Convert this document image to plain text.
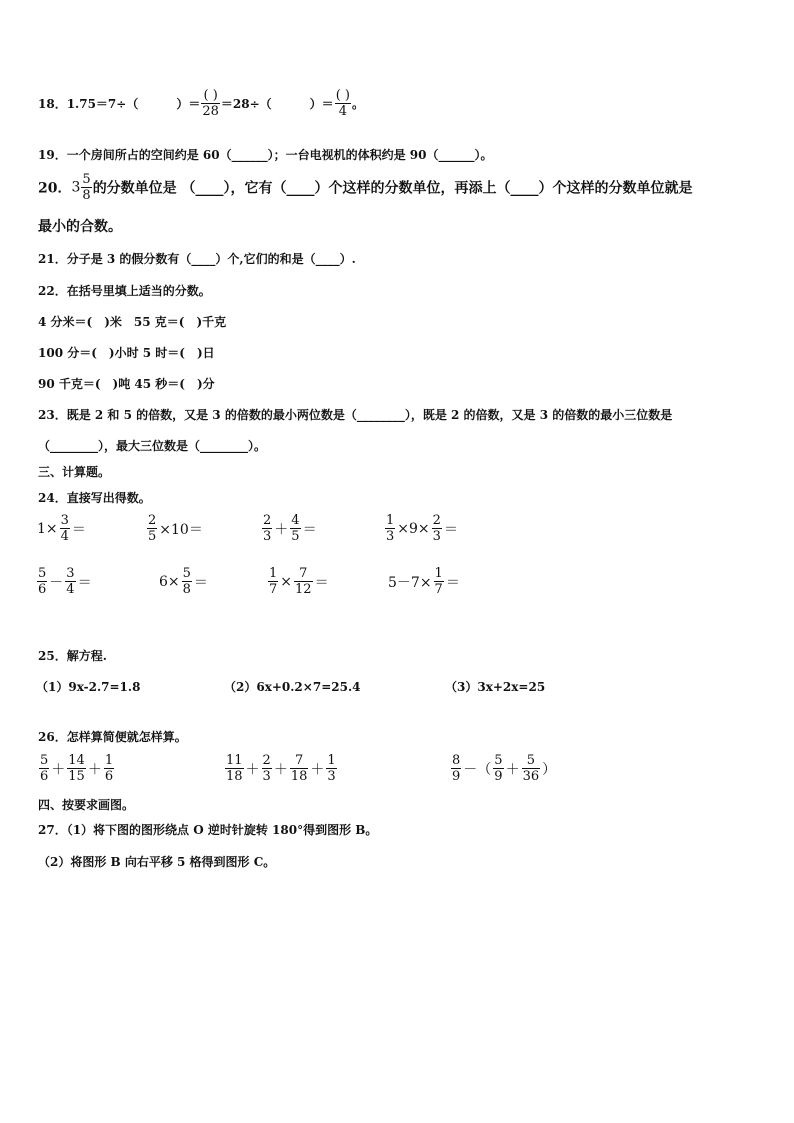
18．1.75＝7÷（	）＝ $\frac{( )}{28} =28\div$（	）＝ $\frac{( )}{4}$ 。
19．一个房间所占的空间约是 60（______）；一台电视机的体积约是 90（______）。
20．$3 \frac{5}{8}$ 的分数单位是 （____），它有（____）个这样的分数单位，再添上（____）个这样的分数单位就是
最小的合数。
21．分子是 3 的假分数有（____）个,它们的和是（____）.
22．在括号里填上适当的分数。
4 分米＝(　)米　55 克＝(　)千克
100 分＝(　)小时 5 时＝(　)日
90 千克＝(　)吨 45 秒＝(　)分
23．既是 2 和 5 的倍数，又是 3 的倍数的最小两位数是（________），既是 2 的倍数，又是 3 的倍数的最小三位数是
（________），最大三位数是（________）。
三、计算题。
24．直接写出得数。
$1\times \frac{3}{4}$ ＝	$\frac{2}{5} \times 10=$	$\frac{2}{3} + \frac{4}{5}$ ＝	$\frac{1}{3} \times 9\times \frac{2}{3}$ ＝
$\frac{5}{6} - \frac{3}{4}$ ＝	$6\times \frac{5}{8}$ ＝	$\frac{1}{7} \times \frac{7}{12}$ ＝	$5-7\times \frac{1}{7}$ ＝
25．解方程.
（1）9x-2.7=1.8	（2）6x+0.2×7=25.4	（3）3x+2x=25
26．怎样算简便就怎样算。
$\frac{5}{6} + \frac{14}{15} + \frac{1}{6}$	$\frac{11}{18} + \frac{2}{3} + \frac{7}{18} + \frac{1}{3}$	$\frac{8}{9}$ －（ $\frac{5}{9} + \frac{5}{36}$ ）
四、按要求画图。
27．（1）将下图的图形绕点 O 逆时针旋转 180°得到图形 B。
（2）将图形 B 向右平移 5 格得到图形 C。
